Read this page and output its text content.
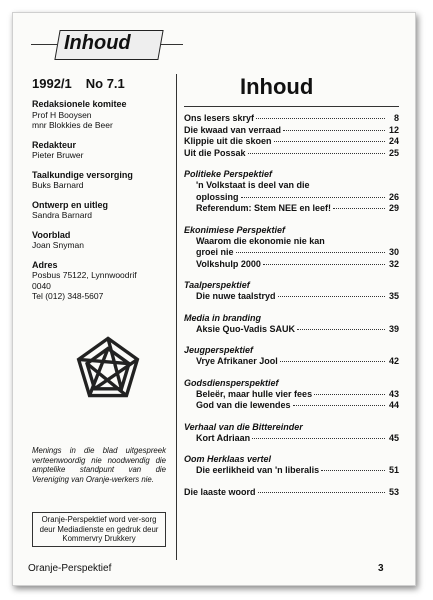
Inhoud
1992/1 No 7.1
Redaksionele komitee
Prof H Booysen
mnr Blokkies de Beer
Redakteur
Pieter Bruwer
Taalkundige versorging
Buks Barnard
Ontwerp en uitleg
Sandra Barnard
Voorblad
Joan Snyman
Adres
Posbus 75122, Lynnwoodrif
0040
Tel (012) 348-5607
Menings in die blad uitgespreek verteenwoordig nie noodwendig die amptelike standpunt van die Vereniging van Oranje-werkers nie.
Oranje-Perspektief word ver-sorg deur Mediadienste en gedruk deur Kommervry Drukkery
Inhoud
Ons lesers skryf	8
Die kwaad van verraad	12
Klippie uit die skoen	24
Uit die Possak	25
Politieke Perspektief
'n Volkstaat is deel van die
oplossing	26
Referendum: Stem NEE en leef!	29
Ekonimiese Perspektief
Waarom die ekonomie nie kan
groei nie	30
Volkshulp 2000	32
Taalperspektief
Die nuwe taalstryd	35
Media in branding
Aksie Quo-Vadis SAUK	39
Jeugperspektief
Vrye Afrikaner Jool	42
Godsdiensperspektief
Beleër, maar hulle vier fees	43
God van die lewendes	44
Verhaal van die Bittereinder
Kort Adriaan	45
Oom Herklaas vertel
Die eerlikheid van 'n liberalis	51
Die laaste woord	53
Oranje-Perspektief	3
